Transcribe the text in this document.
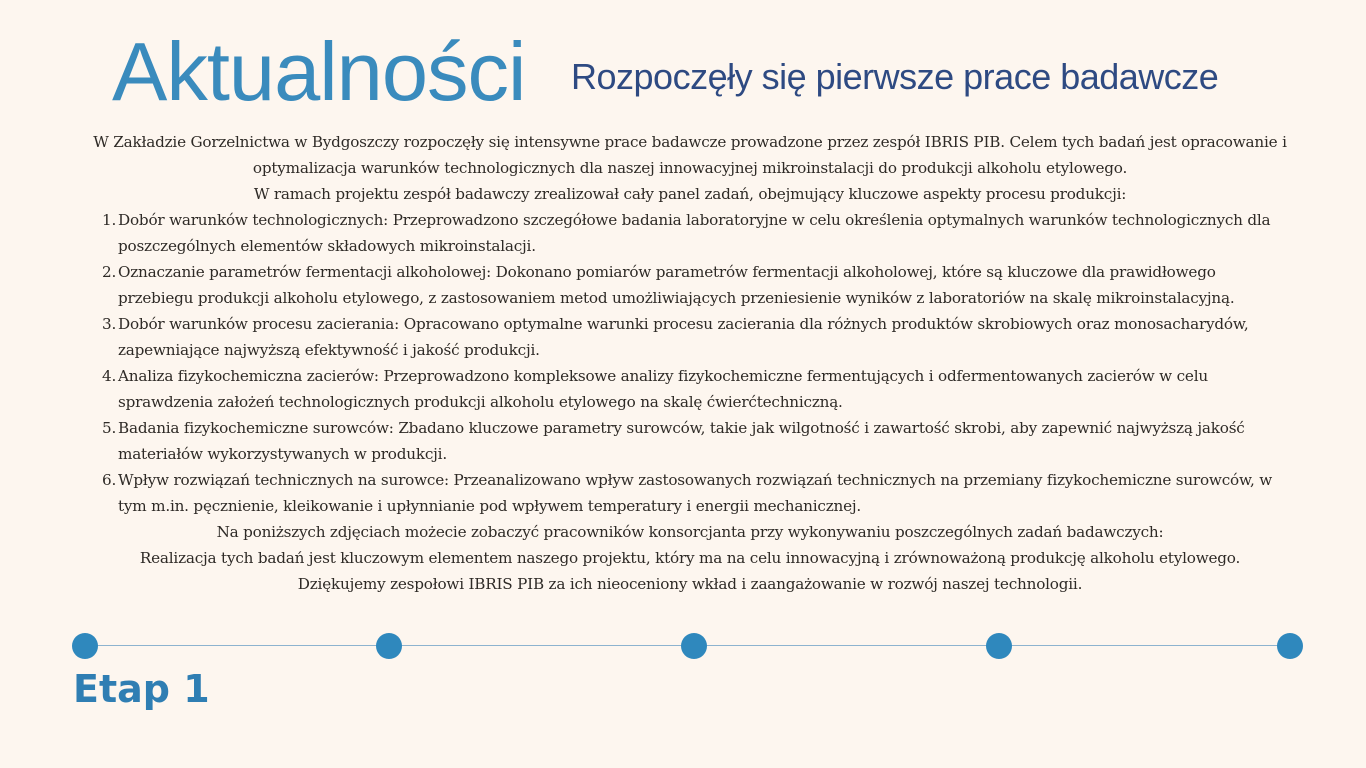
Aktualności Rozpoczęły się pierwsze prace badawcze

W Zakładzie Gorzelnictwa w Bydgoszczy rozpoczęły się intensywne prace badawcze prowadzone przez zespół IBRIS PIB. Celem tych badań jest opracowanie i optymalizacja warunków technologicznych dla naszej innowacyjnej mikroinstalacji do produkcji alkoholu etylowego.

W ramach projektu zespół badawczy zrealizował cały panel zadań, obejmujący kluczowe aspekty procesu produkcji:

Dobór warunków technologicznych: Przeprowadzono szczegółowe badania laboratoryjne w celu określenia optymalnych warunków technologicznych dla poszczególnych elementów składowych mikroinstalacji.
Oznaczanie parametrów fermentacji alkoholowej: Dokonano pomiarów parametrów fermentacji alkoholowej, które są kluczowe dla prawidłowego przebiegu produkcji alkoholu etylowego, z zastosowaniem metod umożliwiających przeniesienie wyników z laboratoriów na skalę mikroinstalacyjną.
Dobór warunków procesu zacierania: Opracowano optymalne warunki procesu zacierania dla różnych produktów skrobiowych oraz monosacharydów, zapewniające najwyższą efektywność i jakość produkcji.
Analiza fizykochemiczna zacierów: Przeprowadzono kompleksowe analizy fizykochemiczne fermentujących i odfermentowanych zacierów w celu sprawdzenia założeń technologicznych produkcji alkoholu etylowego na skalę ćwierćtechniczną.
Badania fizykochemiczne surowców: Zbadano kluczowe parametry surowców, takie jak wilgotność i zawartość skrobi, aby zapewnić najwyższą jakość materiałów wykorzystywanych w produkcji.
Wpływ rozwiązań technicznych na surowce: Przeanalizowano wpływ zastosowanych rozwiązań technicznych na przemiany fizykochemiczne surowców, w tym m.in. pęcznienie, kleikowanie i upłynnianie pod wpływem temperatury i energii mechanicznej.

Na poniższych zdjęciach możecie zobaczyć pracowników konsorcjanta przy wykonywaniu poszczególnych zadań badawczych:

Realizacja tych badań jest kluczowym elementem naszego projektu, który ma na celu innowacyjną i zrównoważoną produkcję alkoholu etylowego.

Dziękujemy zespołowi IBRIS PIB za ich nieoceniony wkład i zaangażowanie w rozwój naszej technologii.

Etap 1
